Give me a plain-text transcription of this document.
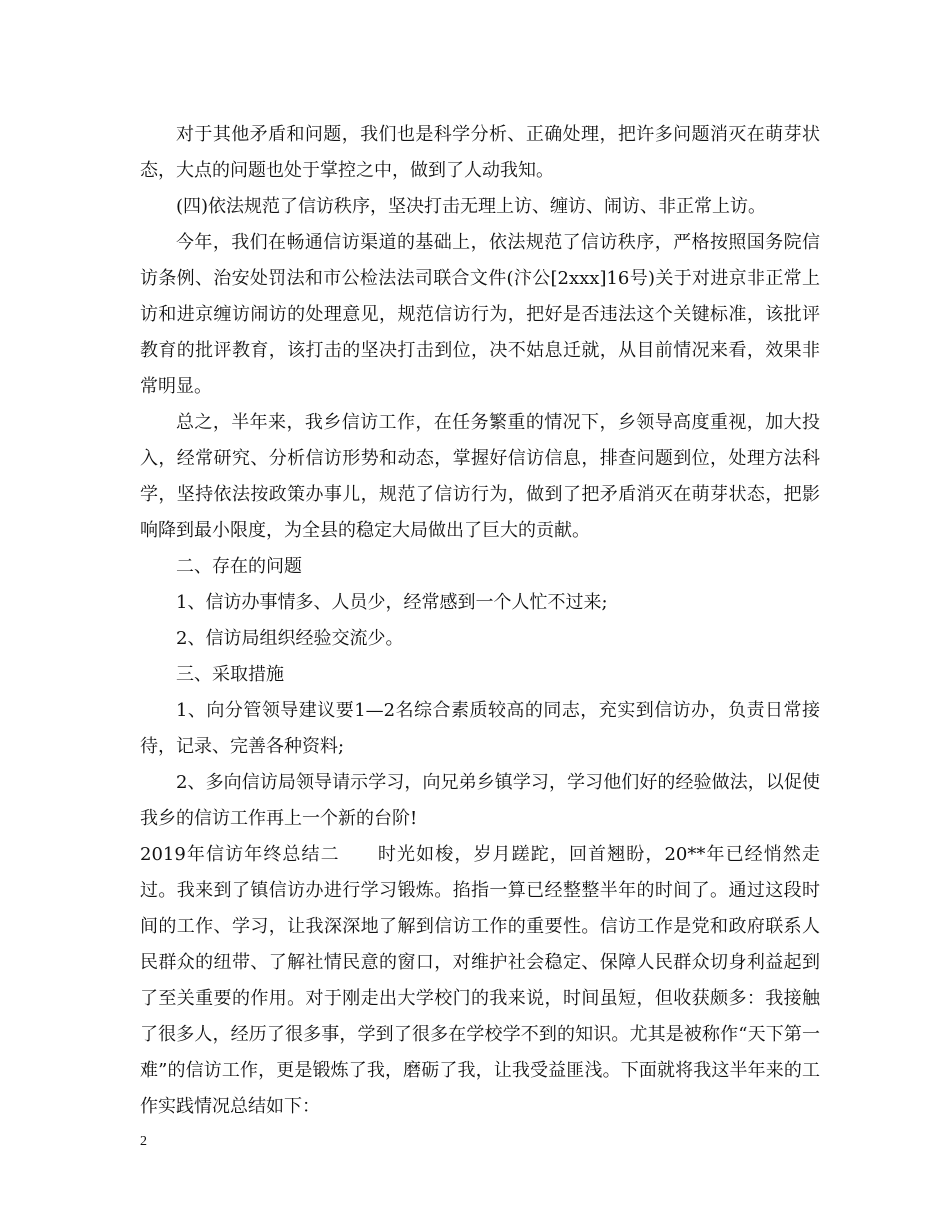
对于其他矛盾和问题，我们也是科学分析、正确处理，把许多问题消灭在萌芽状态，大点的问题也处于掌控之中，做到了人动我知。

(四)依法规范了信访秩序，坚决打击无理上访、缠访、闹访、非正常上访。

今年，我们在畅通信访渠道的基础上，依法规范了信访秩序，严格按照国务院信访条例、治安处罚法和市公检法法司联合文件(汴公[2xxx]16号)关于对进京非正常上访和进京缠访闹访的处理意见，规范信访行为，把好是否违法这个关键标准，该批评教育的批评教育，该打击的坚决打击到位，决不姑息迁就，从目前情况来看，效果非常明显。

总之，半年来，我乡信访工作，在任务繁重的情况下，乡领导高度重视，加大投入，经常研究、分析信访形势和动态，掌握好信访信息，排查问题到位，处理方法科学，坚持依法按政策办事儿，规范了信访行为，做到了把矛盾消灭在萌芽状态，把影响降到最小限度，为全县的稳定大局做出了巨大的贡献。

二、存在的问题

1、信访办事情多、人员少，经常感到一个人忙不过来;

2、信访局组织经验交流少。

三、采取措施

1、向分管领导建议要1—2名综合素质较高的同志，充实到信访办，负责日常接待，记录、完善各种资料;

2、多向信访局领导请示学习，向兄弟乡镇学习，学习他们好的经验做法，以促使我乡的信访工作再上一个新的台阶!

2019年信访年终总结二　　时光如梭，岁月蹉跎，回首翘盼，20**年已经悄然走过。我来到了镇信访办进行学习锻炼。掐指一算已经整整半年的时间了。通过这段时间的工作、学习，让我深深地了解到信访工作的重要性。信访工作是党和政府联系人民群众的纽带、了解社情民意的窗口，对维护社会稳定、保障人民群众切身利益起到了至关重要的作用。对于刚走出大学校门的我来说，时间虽短，但收获颇多：我接触了很多人，经历了很多事，学到了很多在学校学不到的知识。尤其是被称作“天下第一难”的信访工作，更是锻炼了我，磨砺了我，让我受益匪浅。下面就将我这半年来的工作实践情况总结如下：

2
